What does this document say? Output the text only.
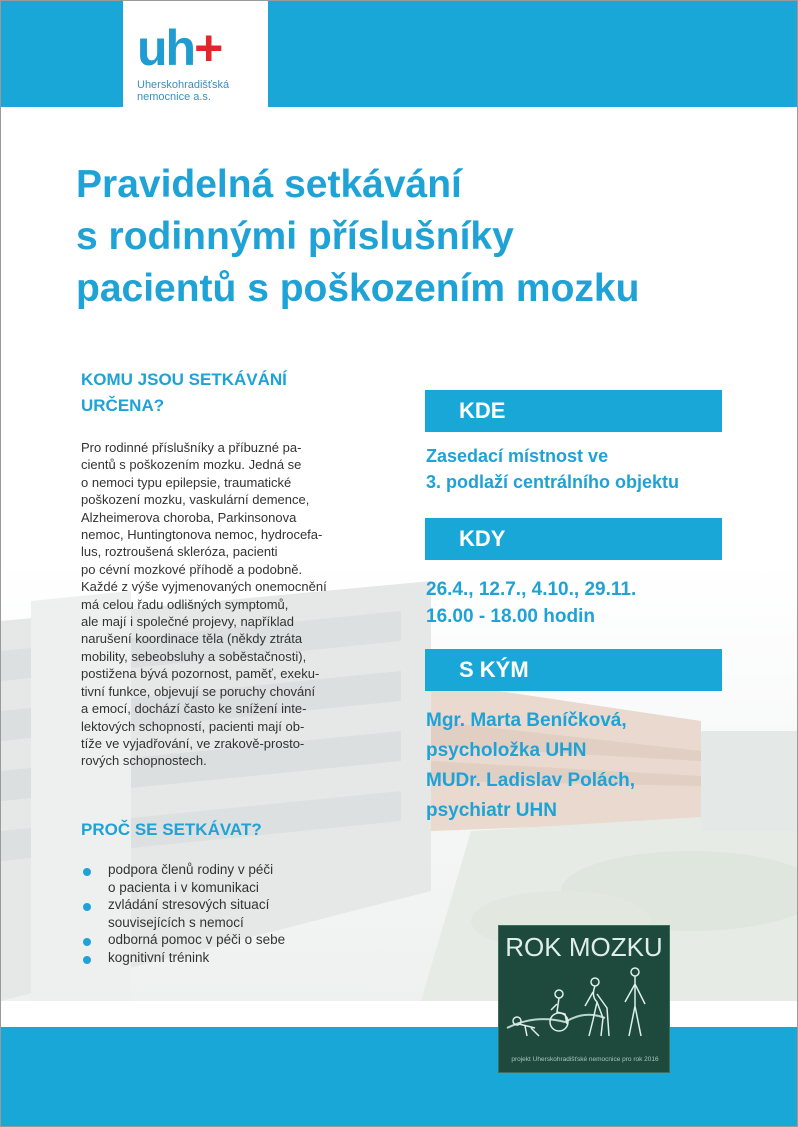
uh+
Uherskohradišťská
nemocnice a.s.
Pravidelná setkávání
s rodinnými příslušníky
pacientů s poškozením mozku
KOMU JSOU SETKÁVÁNÍ
URČENA?
Pro rodinné příslušníky a příbuzné pa-
cientů s poškozením mozku. Jedná se
o nemoci typu epilepsie, traumatické
poškození mozku, vaskulární demence,
Alzheimerova choroba, Parkinsonova
nemoc, Huntingtonova nemoc, hydrocefa-
lus, roztroušená skleróza, pacienti
po cévní mozkové příhodě a podobně.
Každé z výše vyjmenovaných onemocnění
má celou řadu odlišných symptomů,
ale mají i společné projevy, například
narušení koordinace těla (někdy ztráta
mobility, sebeobsluhy a soběstačnosti),
postižena bývá pozornost, paměť, exeku-
tivní funkce, objevují se poruchy chování
a emocí, dochází často ke snížení inte-
lektových schopností, pacienti mají ob-
tíže ve vyjadřování, ve zrakově-prosto-
rových schopnostech.
PROČ SE SETKÁVAT?
podpora členů rodiny v péči
o pacienta i v komunikaci
zvládání stresových situací
souvisejících s nemocí
odborná pomoc v péči o sebe
kognitivní trénink
KDE
Zasedací místnost ve
3. podlaží centrálního objektu
KDY
26.4., 12.7., 4.10., 29.11.
16.00 - 18.00 hodin
S KÝM
Mgr. Marta Beníčková,
psycholožka UHN
MUDr. Ladislav Polách,
psychiatr UHN
ROK MOZKU
projekt Uherskohradišťské nemocnice pro rok 2016
